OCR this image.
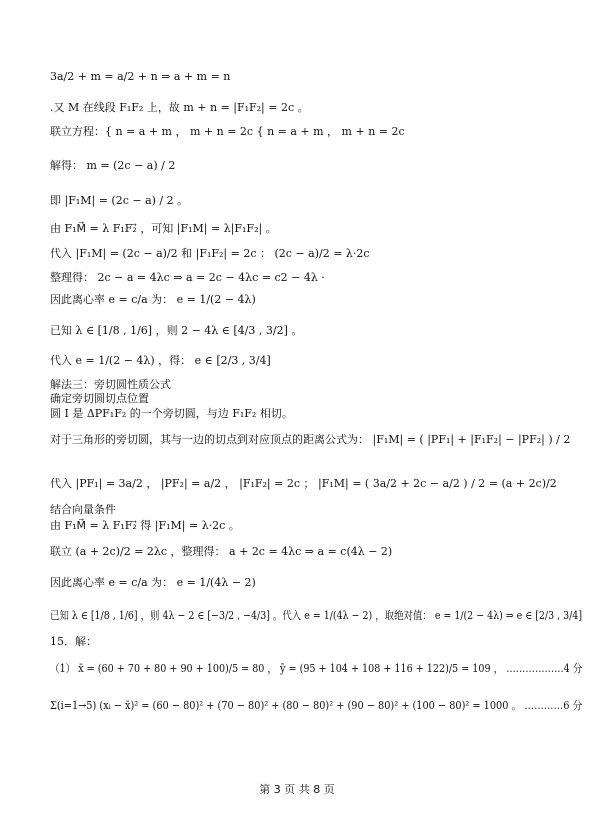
3a/2 + m = a/2 + n ⇒ a + m = n
.又 M 在线段 F₁F₂ 上，故 m + n = |F₁F₂| = 2c 。
联立方程：{ n = a + m ， m + n = 2c { n = a + m ， m + n = 2c
解得： m = (2c − a) / 2
即 |F₁M| = (2c − a) / 2 。
由 F₁M⃗ = λ F₁F₂⃗ ，可知 |F₁M| = λ|F₁F₂| 。
代入 |F₁M| = (2c − a)/2 和 |F₁F₂| = 2c ： (2c − a)/2 = λ·2c
整理得： 2c − a = 4λc ⇒ a = 2c − 4λc = c2 − 4λ ·
因此离心率 e = c/a 为： e = 1/(2 − 4λ)
已知 λ ∈ [1/8 , 1/6] ，则 2 − 4λ ∈ [4/3 , 3/2] 。
代入 e = 1/(2 − 4λ) ，得： e ∈ [2/3 , 3/4]
解法三：旁切圆性质公式
确定旁切圆切点位置
圆 I 是 ΔPF₁F₂ 的一个旁切圆，与边 F₁F₂ 相切。
对于三角形的旁切圆，其与一边的切点到对应顶点的距离公式为： |F₁M| = ( |PF₁| + |F₁F₂| − |PF₂| ) / 2
代入 |PF₁| = 3a/2 ， |PF₂| = a/2 ， |F₁F₂| = 2c ； |F₁M| = ( 3a/2 + 2c − a/2 ) / 2 = (a + 2c)/2
结合向量条件
由 F₁M⃗ = λ F₁F₂⃗ 得 |F₁M| = λ·2c 。
联立 (a + 2c)/2 = 2λc ，整理得： a + 2c = 4λc ⇒ a = c(4λ − 2)
因此离心率 e = c/a 为： e = 1/(4λ − 2)
已知 λ ∈ [1/8 , 1/6] ，则 4λ − 2 ∈ [−3/2 , −4/3] 。代入 e = 1/(4λ − 2) ，取绝对值： e = 1/(2 − 4λ) ⇒ e ∈ [2/3 , 3/4]
15．解：
（1） x̄ = (60 + 70 + 80 + 90 + 100)/5 = 80 ， ȳ = (95 + 104 + 108 + 116 + 122)/5 = 109 ， ………………4 分
Σ(i=1→5) (xᵢ − x̄)² = (60 − 80)² + (70 − 80)² + (80 − 80)² + (90 − 80)² + (100 − 80)² = 1000 。 …………6 分
第 3 页 共 8 页
